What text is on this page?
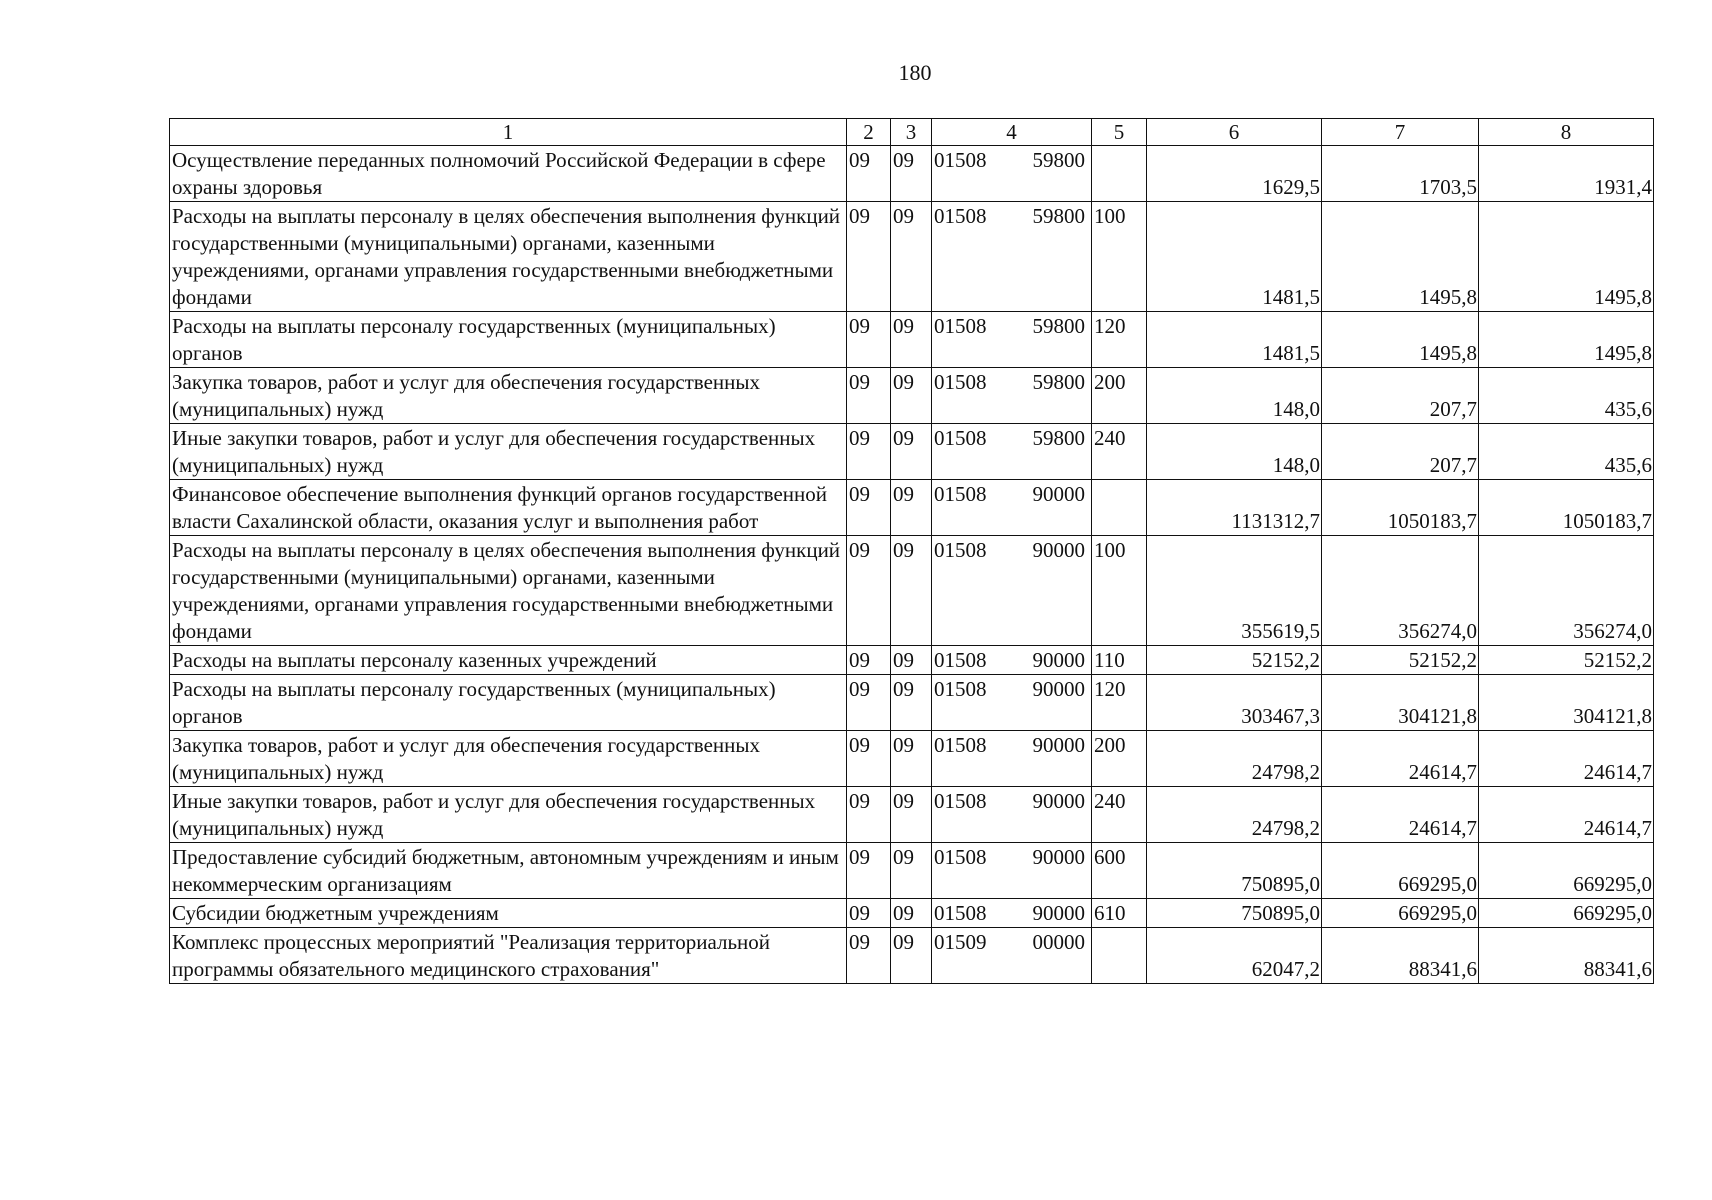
180
1	2	3	4	5	6	7	8
Осуществление переданных полномочий Российской Федерации в сфере охраны здоровья	09	09	01508 59800		1629,5	1703,5	1931,4
Расходы на выплаты персоналу в целях обеспечения выполнения функций государственными (муниципальными) органами, казенными учреждениями, органами управления государственными внебюджетными фондами	09	09	01508 59800	100	1481,5	1495,8	1495,8
Расходы на выплаты персоналу государственных (муниципальных) органов	09	09	01508 59800	120	1481,5	1495,8	1495,8
Закупка товаров, работ и услуг для обеспечения государственных (муниципальных) нужд	09	09	01508 59800	200	148,0	207,7	435,6
Иные закупки товаров, работ и услуг для обеспечения государственных (муниципальных) нужд	09	09	01508 59800	240	148,0	207,7	435,6
Финансовое обеспечение выполнения функций органов государственной власти Сахалинской области, оказания услуг и выполнения работ	09	09	01508 90000		1131312,7	1050183,7	1050183,7
Расходы на выплаты персоналу в целях обеспечения выполнения функций государственными (муниципальными) органами, казенными учреждениями, органами управления государственными внебюджетными фондами	09	09	01508 90000	100	355619,5	356274,0	356274,0
Расходы на выплаты персоналу казенных учреждений	09	09	01508 90000	110	52152,2	52152,2	52152,2
Расходы на выплаты персоналу государственных (муниципальных) органов	09	09	01508 90000	120	303467,3	304121,8	304121,8
Закупка товаров, работ и услуг для обеспечения государственных (муниципальных) нужд	09	09	01508 90000	200	24798,2	24614,7	24614,7
Иные закупки товаров, работ и услуг для обеспечения государственных (муниципальных) нужд	09	09	01508 90000	240	24798,2	24614,7	24614,7
Предоставление субсидий бюджетным, автономным учреждениям и иным некоммерческим организациям	09	09	01508 90000	600	750895,0	669295,0	669295,0
Субсидии бюджетным учреждениям	09	09	01508 90000	610	750895,0	669295,0	669295,0
Комплекс процессных мероприятий "Реализация территориальной программы обязательного медицинского страхования"	09	09	01509 00000		62047,2	88341,6	88341,6
